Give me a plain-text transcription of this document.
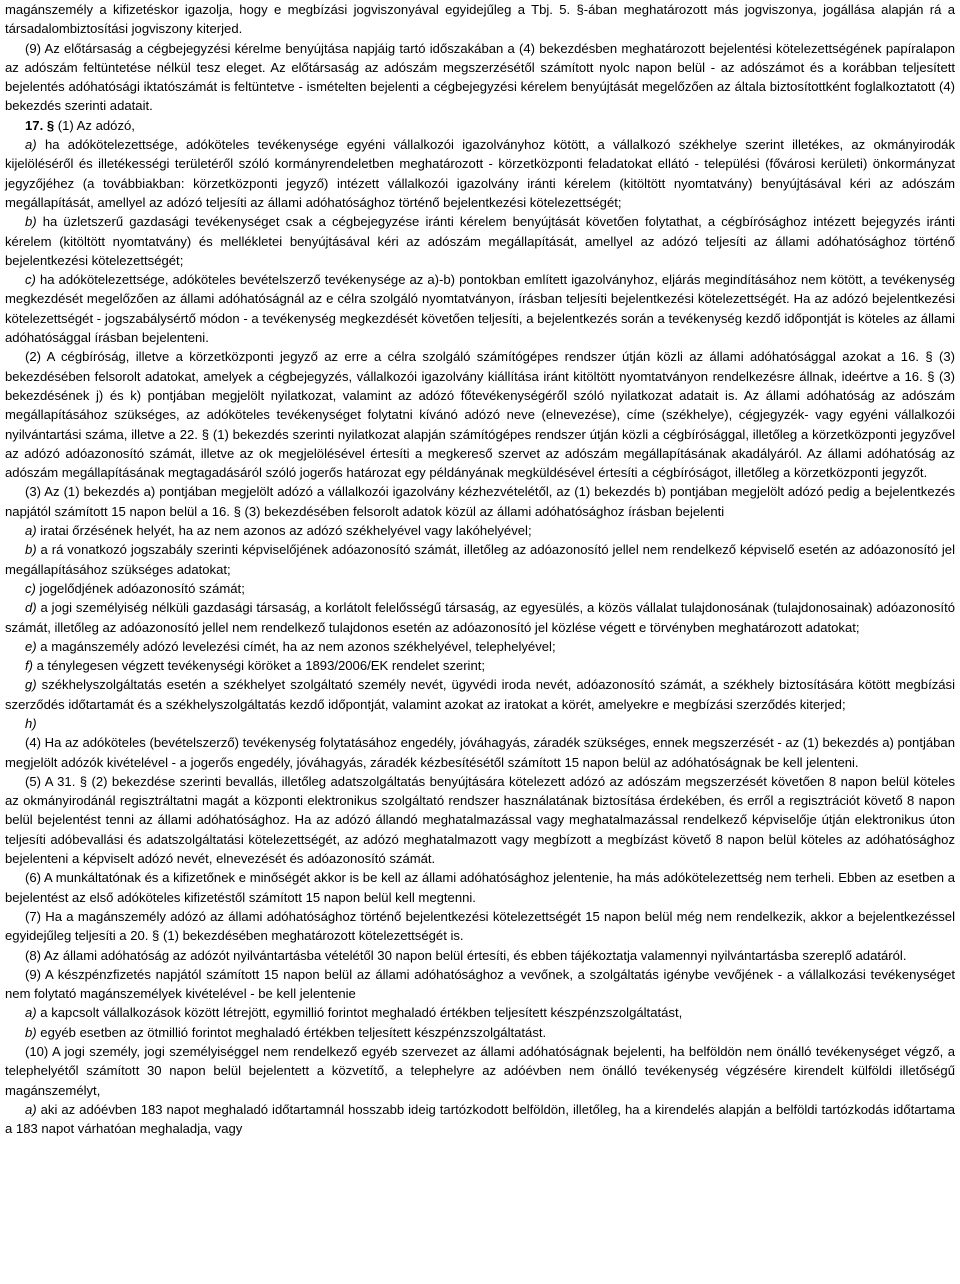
magánszemély a kifizetéskor igazolja, hogy e megbízási jogviszonyával egyidejűleg a Tbj. 5. §-ában meghatározott más jogviszonya, jogállása alapján rá a társadalombiztosítási jogviszony kiterjed.

(9) Az előtársaság a cégbejegyzési kérelme benyújtása napjáig tartó időszakában a (4) bekezdésben meghatározott bejelentési kötelezettségének papíralapon az adószám feltüntetése nélkül tesz eleget. Az előtársaság az adószám megszerzésétől számított nyolc napon belül - az adószámot és a korábban teljesített bejelentés adóhatósági iktatószámát is feltüntetve - ismételten bejelenti a cégbejegyzési kérelem benyújtását megelőzően az általa biztosítottként foglalkoztatott (4) bekezdés szerinti adatait.

17. § (1) Az adózó,

a) ha adókötelezettsége, adóköteles tevékenysége egyéni vállalkozói igazolványhoz kötött, a vállalkozó székhelye szerint illetékes, az okmányirodák kijelöléséről és illetékességi területéről szóló kormányrendeletben meghatározott - körzetközponti feladatokat ellátó - települési (fővárosi kerületi) önkormányzat jegyzőjéhez (a továbbiakban: körzetközponti jegyző) intézett vállalkozói igazolvány iránti kérelem (kitöltött nyomtatvány) benyújtásával kéri az adószám megállapítását, amellyel az adózó teljesíti az állami adóhatósághoz történő bejelentkezési kötelezettségét;

b) ha üzletszerű gazdasági tevékenységet csak a cégbejegyzése iránti kérelem benyújtását követően folytathat, a cégbírósághoz intézett bejegyzés iránti kérelem (kitöltött nyomtatvány) és mellékletei benyújtásával kéri az adószám megállapítását, amellyel az adózó teljesíti az állami adóhatósághoz történő bejelentkezési kötelezettségét;

c) ha adókötelezettsége, adóköteles bevételszerző tevékenysége az a)-b) pontokban említett igazolványhoz, eljárás megindításához nem kötött, a tevékenység megkezdését megelőzően az állami adóhatóságnál az e célra szolgáló nyomtatványon, írásban teljesíti bejelentkezési kötelezettségét. Ha az adózó bejelentkezési kötelezettségét - jogszabálysértő módon - a tevékenység megkezdését követően teljesíti, a bejelentkezés során a tevékenység kezdő időpontját is köteles az állami adóhatósággal írásban bejelenteni.

(2) A cégbíróság, illetve a körzetközponti jegyző az erre a célra szolgáló számítógépes rendszer útján közli az állami adóhatósággal azokat a 16. § (3) bekezdésében felsorolt adatokat, amelyek a cégbejegyzés, vállalkozói igazolvány kiállítása iránt kitöltött nyomtatványon rendelkezésre állnak, ideértve a 16. § (3) bekezdésének j) és k) pontjában megjelölt nyilatkozat, valamint az adózó főtevékenységéről szóló nyilatkozat adatait is. Az állami adóhatóság az adószám megállapításához szükséges, az adóköteles tevékenységet folytatni kívánó adózó neve (elnevezése), címe (székhelye), cégjegyzék- vagy egyéni vállalkozói nyilvántartási száma, illetve a 22. § (1) bekezdés szerinti nyilatkozat alapján számítógépes rendszer útján közli a cégbírósággal, illetőleg a körzetközponti jegyzővel az adózó adóazonosító számát, illetve az ok megjelölésével értesíti a megkereső szervet az adószám megállapításának akadályáról. Az állami adóhatóság az adószám megállapításának megtagadásáról szóló jogerős határozat egy példányának megküldésével értesíti a cégbíróságot, illetőleg a körzetközponti jegyzőt.

(3) Az (1) bekezdés a) pontjában megjelölt adózó a vállalkozói igazolvány kézhezvételétől, az (1) bekezdés b) pontjában megjelölt adózó pedig a bejelentkezés napjától számított 15 napon belül a 16. § (3) bekezdésében felsorolt adatok közül az állami adóhatósághoz írásban bejelenti

a) iratai őrzésének helyét, ha az nem azonos az adózó székhelyével vagy lakóhelyével;

b) a rá vonatkozó jogszabály szerinti képviselőjének adóazonosító számát, illetőleg az adóazonosító jellel nem rendelkező képviselő esetén az adóazonosító jel megállapításához szükséges adatokat;

c) jogelődjének adóazonosító számát;

d) a jogi személyiség nélküli gazdasági társaság, a korlátolt felelősségű társaság, az egyesülés, a közös vállalat tulajdonosának (tulajdonosainak) adóazonosító számát, illetőleg az adóazonosító jellel nem rendelkező tulajdonos esetén az adóazonosító jel közlése végett e törvényben meghatározott adatokat;

e) a magánszemély adózó levelezési címét, ha az nem azonos székhelyével, telephelyével;

f) a ténylegesen végzett tevékenységi köröket a 1893/2006/EK rendelet szerint;

g) székhelyszolgáltatás esetén a székhelyet szolgáltató személy nevét, ügyvédi iroda nevét, adóazonosító számát, a székhely biztosítására kötött megbízási szerződés időtartamát és a székhelyszolgáltatás kezdő időpontját, valamint azokat az iratokat a körét, amelyekre e megbízási szerződés kiterjed;

h)

(4) Ha az adóköteles (bevételszerző) tevékenység folytatásához engedély, jóváhagyás, záradék szükséges, ennek megszerzését - az (1) bekezdés a) pontjában megjelölt adózók kivételével - a jogerős engedély, jóváhagyás, záradék kézbesítésétől számított 15 napon belül az adóhatóságnak be kell jelenteni.

(5) A 31. § (2) bekezdése szerinti bevallás, illetőleg adatszolgáltatás benyújtására kötelezett adózó az adószám megszerzését követően 8 napon belül köteles az okmányirodánál regisztráltatni magát a központi elektronikus szolgáltató rendszer használatának biztosítása érdekében, és erről a regisztrációt követő 8 napon belül bejelentést tenni az állami adóhatósághoz. Ha az adózó állandó meghatalmazással vagy meghatalmazással rendelkező képviselője útján elektronikus úton teljesíti adóbevallási és adatszolgáltatási kötelezettségét, az adózó meghatalmazott vagy megbízott a megbízást követő 8 napon belül köteles az adóhatósághoz bejelenteni a képviselt adózó nevét, elnevezését és adóazonosító számát.

(6) A munkáltatónak és a kifizetőnek e minőségét akkor is be kell az állami adóhatósághoz jelentenie, ha más adókötelezettség nem terheli. Ebben az esetben a bejelentést az első adóköteles kifizetéstől számított 15 napon belül kell megtenni.

(7) Ha a magánszemély adózó az állami adóhatósághoz történő bejelentkezési kötelezettségét 15 napon belül még nem rendelkezik, akkor a bejelentkezéssel egyidejűleg teljesíti a 20. § (1) bekezdésében meghatározott kötelezettségét is.

(8) Az állami adóhatóság az adózót nyilvántartásba vételétől 30 napon belül értesíti, és ebben tájékoztatja valamennyi nyilvántartásba szereplő adatáról.

(9) A készpénzfizetés napjától számított 15 napon belül az állami adóhatósághoz a vevőnek, a szolgáltatás igénybe vevőjének - a vállalkozási tevékenységet nem folytató magánszemélyek kivételével - be kell jelentenie

a) a kapcsolt vállalkozások között létrejött, egymillió forintot meghaladó értékben teljesített készpénzszolgáltatást,

b) egyéb esetben az ötmillió forintot meghaladó értékben teljesített készpénzszolgáltatást.

(10) A jogi személy, jogi személyiséggel nem rendelkező egyéb szervezet az állami adóhatóságnak bejelenti, ha belföldön nem önálló tevékenységet végző, a telephelyétől számított 30 napon belül bejelentett a közvetítő, a telephelyre az adóévben nem önálló tevékenység végzésére kirendelt külföldi illetőségű magánszemélyt,

a) aki az adóévben 183 napot meghaladó időtartamnál hosszabb ideig tartózkodott belföldön, illetőleg, ha a kirendelés alapján a belföldi tartózkodás időtartama a 183 napot várhatóan meghaladja, vagy
